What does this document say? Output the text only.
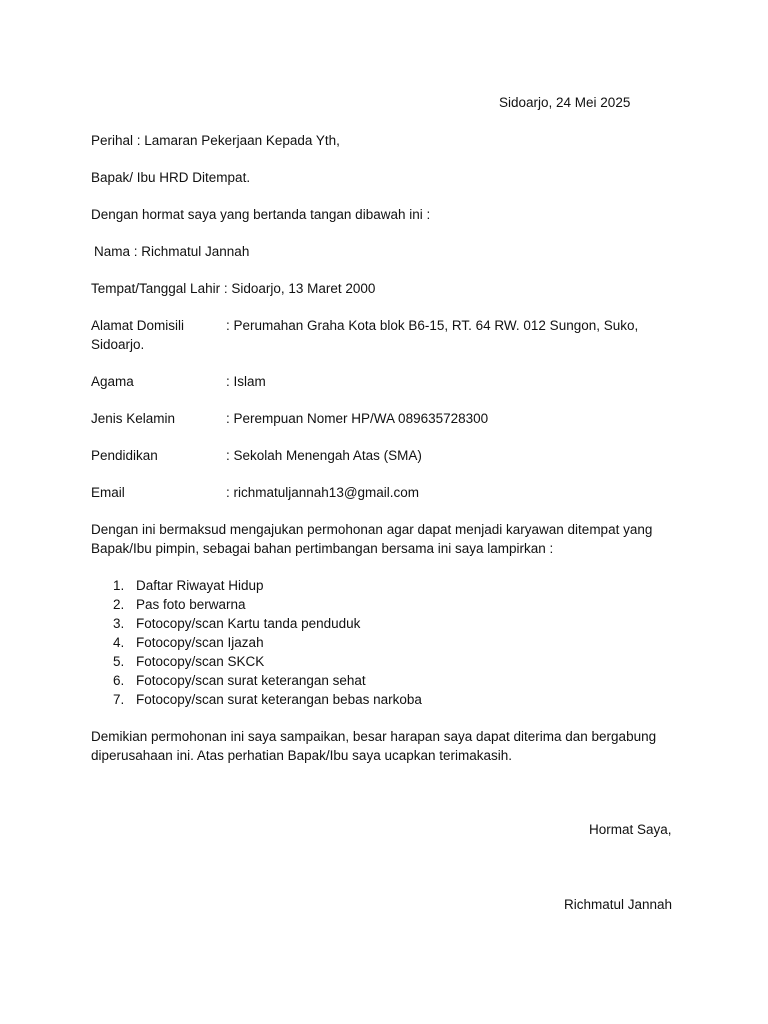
Sidoarjo, 24 Mei 2025
Perihal : Lamaran Pekerjaan Kepada Yth,
Bapak/ Ibu HRD Ditempat.
Dengan hormat saya yang bertanda tangan dibawah ini :
Nama : Richmatul Jannah
Tempat/Tanggal Lahir : Sidoarjo, 13 Maret 2000
Alamat Domisili	: Perumahan Graha Kota blok B6-15, RT. 64 RW. 012 Sungon, Suko,
Sidoarjo.
Agama	: Islam
Jenis Kelamin	: Perempuan Nomer HP/WA 089635728300
Pendidikan	: Sekolah Menengah Atas (SMA)
Email	: richmatuljannah13@gmail.com
Dengan ini bermaksud mengajukan permohonan agar dapat menjadi karyawan ditempat yang
Bapak/Ibu pimpin, sebagai bahan pertimbangan bersama ini saya lampirkan :
1. Daftar Riwayat Hidup
2. Pas foto berwarna
3. Fotocopy/scan Kartu tanda penduduk
4. Fotocopy/scan Ijazah
5. Fotocopy/scan SKCK
6. Fotocopy/scan surat keterangan sehat
7. Fotocopy/scan surat keterangan bebas narkoba
Demikian permohonan ini saya sampaikan, besar harapan saya dapat diterima dan bergabung
diperusahaan ini. Atas perhatian Bapak/Ibu saya ucapkan terimakasih.
Hormat Saya,
Richmatul Jannah
